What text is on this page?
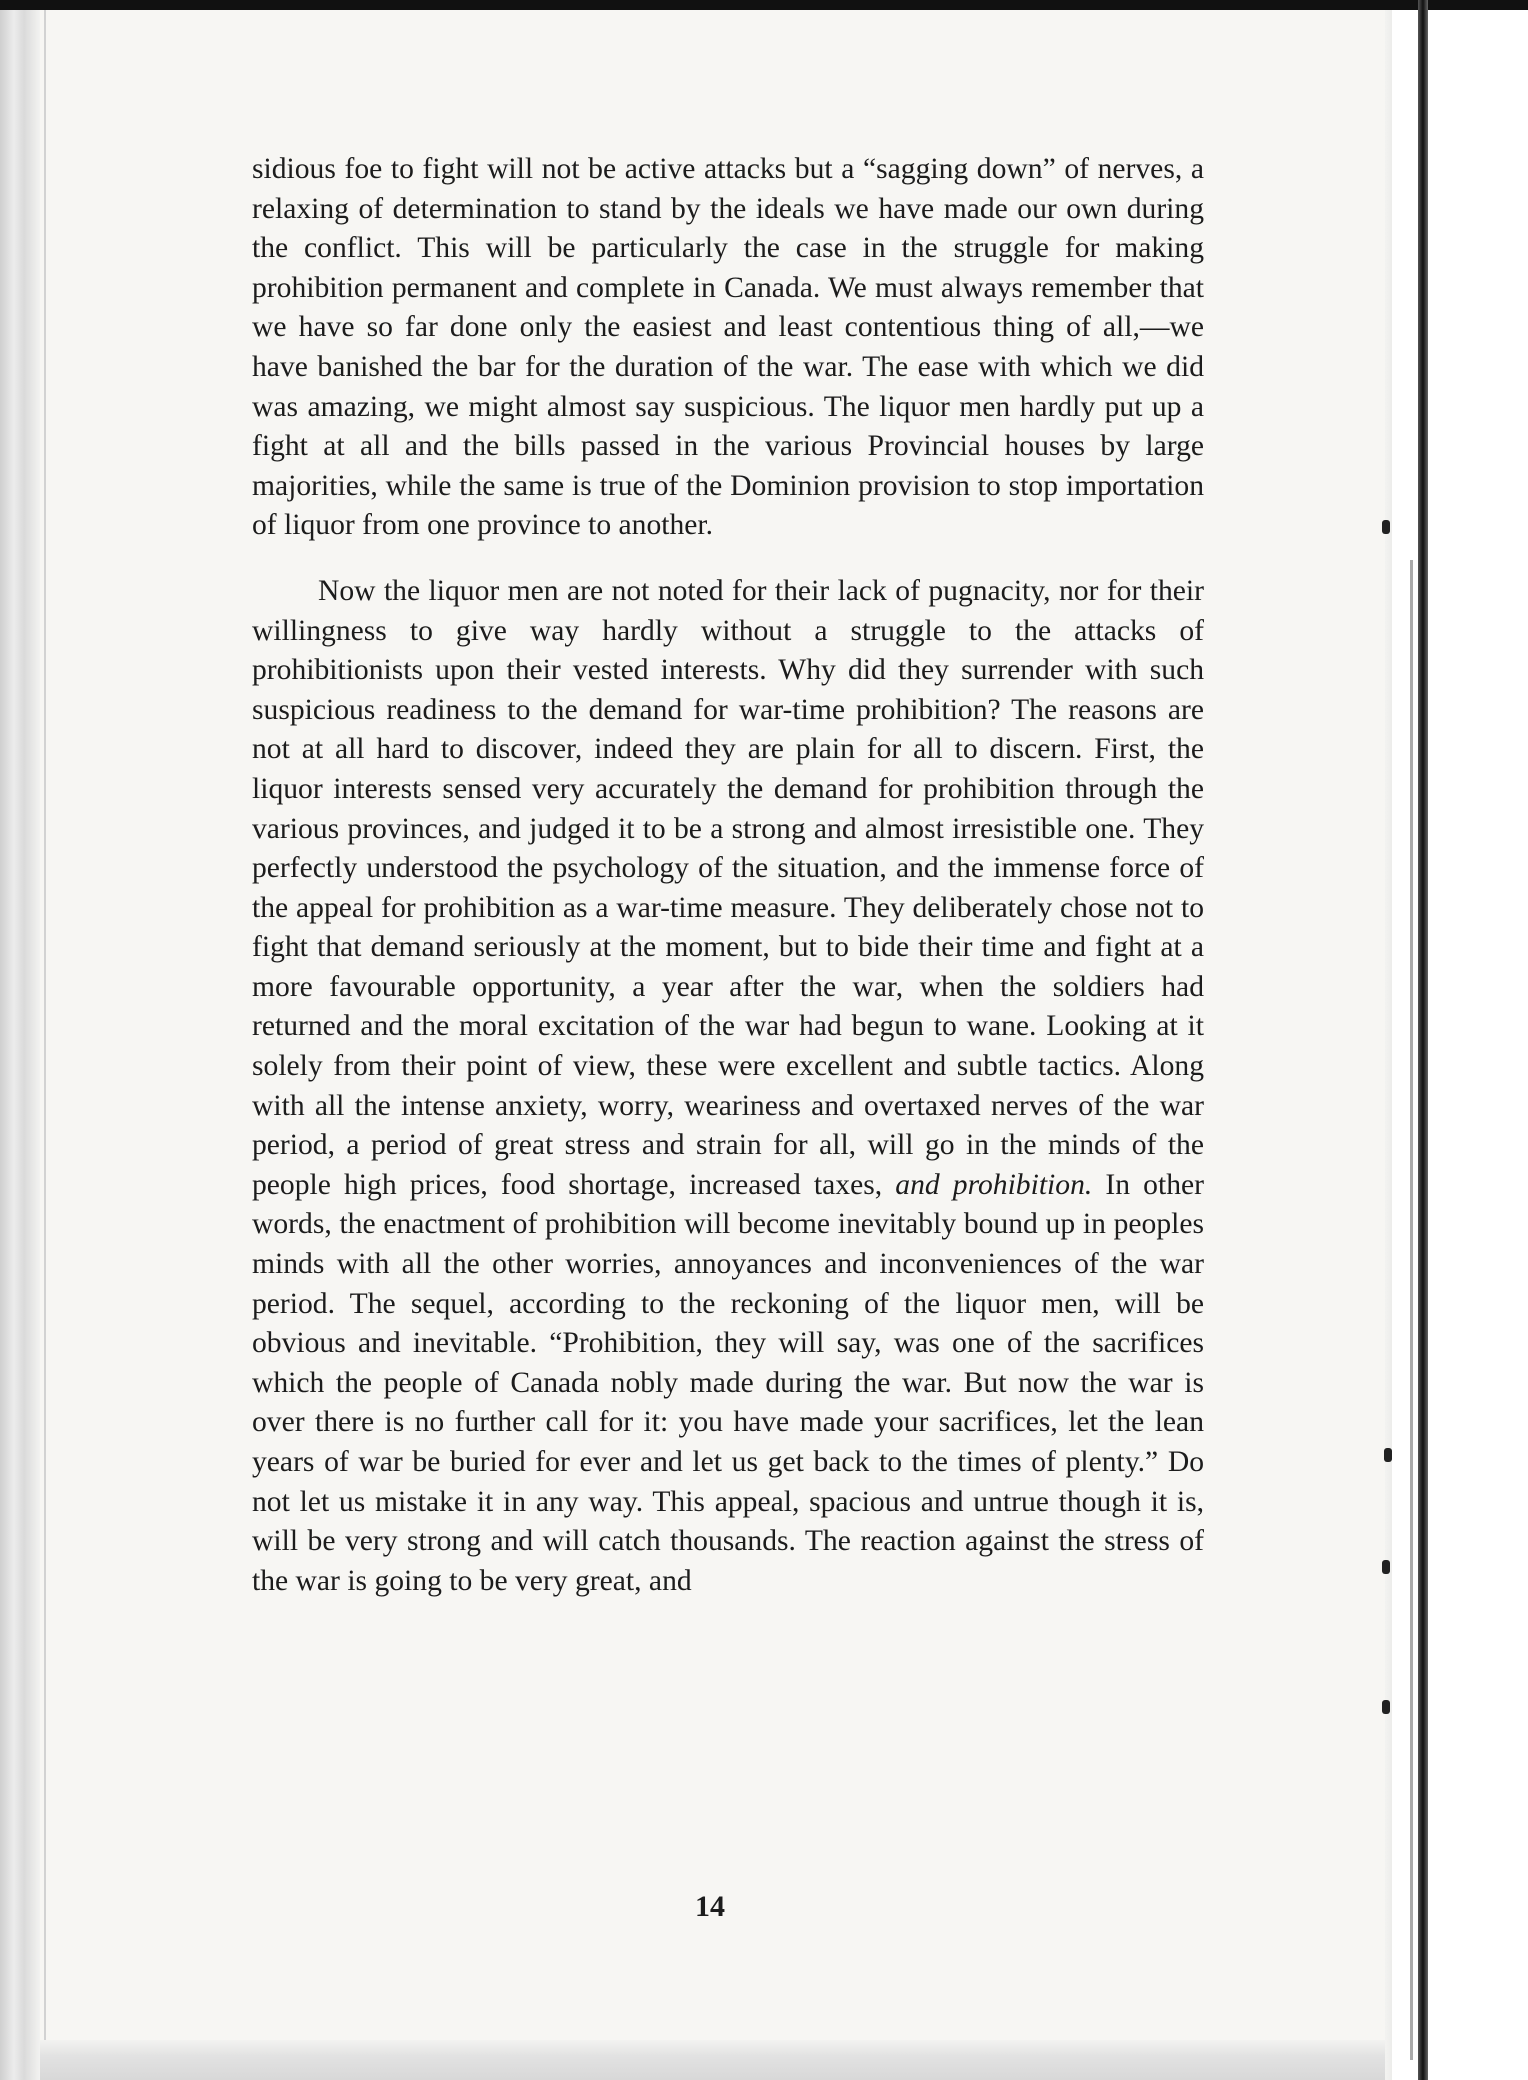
sidious foe to fight will not be active attacks but a “sagging down” of nerves, a relaxing of determination to stand by the ideals we have made our own during the conflict. This will be particularly the case in the struggle for making prohibition permanent and complete in Canada. We must always remember that we have so far done only the easiest and least contentious thing of all,—we have banished the bar for the duration of the war. The ease with which we did was amazing, we might almost say suspicious. The liquor men hardly put up a fight at all and the bills passed in the various Provincial houses by large majorities, while the same is true of the Dominion provision to stop importation of liquor from one province to another.

Now the liquor men are not noted for their lack of pugnacity, nor for their willingness to give way hardly without a struggle to the attacks of prohibitionists upon their vested interests. Why did they surrender with such suspicious readiness to the demand for war-time prohibition? The reasons are not at all hard to discover, indeed they are plain for all to discern. First, the liquor interests sensed very accurately the demand for prohibition through the various provinces, and judged it to be a strong and almost irresistible one. They perfectly understood the psychology of the situation, and the immense force of the appeal for prohibition as a war-time measure. They deliberately chose not to fight that demand seriously at the moment, but to bide their time and fight at a more favourable opportunity, a year after the war, when the soldiers had returned and the moral excitation of the war had begun to wane. Looking at it solely from their point of view, these were excellent and subtle tactics. Along with all the intense anxiety, worry, weariness and overtaxed nerves of the war period, a period of great stress and strain for all, will go in the minds of the people high prices, food shortage, increased taxes, and prohibition. In other words, the enactment of prohibition will become inevitably bound up in peoples minds with all the other worries, annoyances and inconveniences of the war period. The sequel, according to the reckoning of the liquor men, will be obvious and inevitable. “Prohibition, they will say, was one of the sacrifices which the people of Canada nobly made during the war. But now the war is over there is no further call for it: you have made your sacrifices, let the lean years of war be buried for ever and let us get back to the times of plenty.” Do not let us mistake it in any way. This appeal, spacious and untrue though it is, will be very strong and will catch thousands. The reaction against the stress of the war is going to be very great, and

14
